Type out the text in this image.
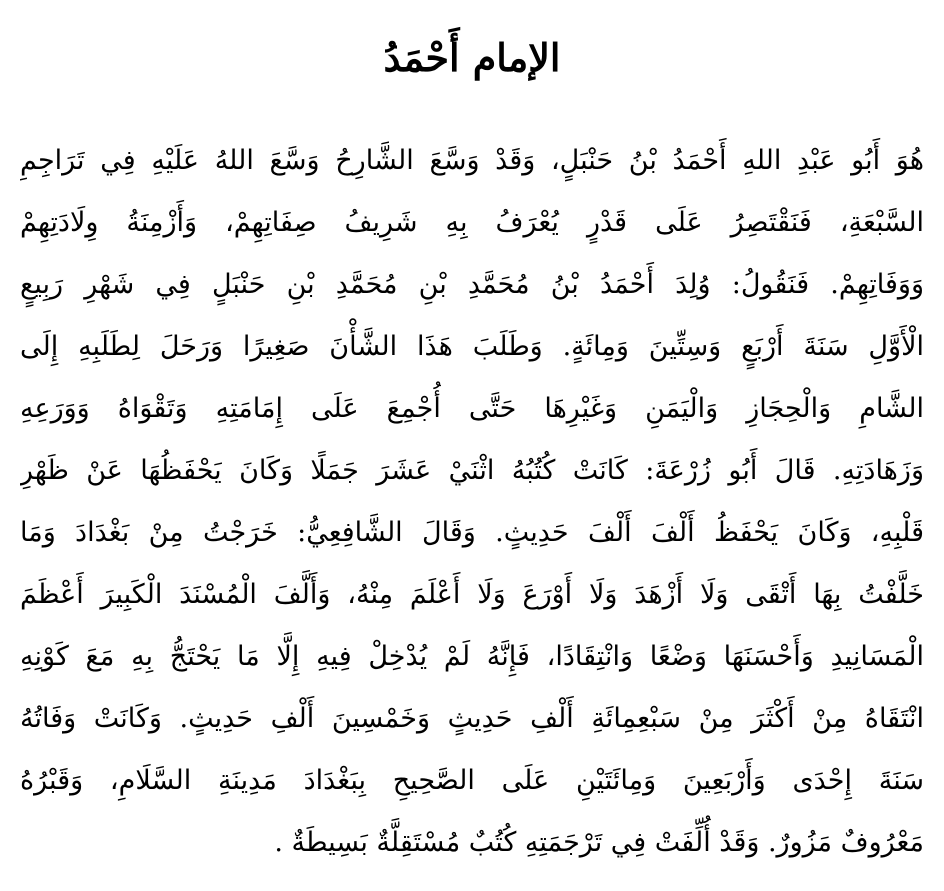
الإمام أَحْمَدُ
هُوَ أَبُو عَبْدِ اللهِ أَحْمَدُ بْنُ حَنْبَلٍ، وَقَدْ وَسَّعَ الشَّارِحُ وَسَّعَ اللهُ عَلَيْهِ فِي تَرَاجِمِ
السَّبْعَةِ، فَنَقْتَصِرُ عَلَى قَدْرٍ يُعْرَفُ بِهِ شَرِيفُ صِفَاتِهِمْ، وَأَزْمِنَةُ وِلَادَتِهِمْ
وَوَفَاتِهِمْ. فَنَقُولُ: وُلِدَ أَحْمَدُ بْنُ مُحَمَّدِ بْنِ مُحَمَّدِ بْنِ حَنْبَلٍ فِي شَهْرِ رَبِيعٍ
الْأَوَّلِ سَنَةَ أَرْبَعٍ وَسِتِّينَ وَمِائَةٍ. وَطَلَبَ هَذَا الشَّأْنَ صَغِيرًا وَرَحَلَ لِطَلَبِهِ إِلَى
الشَّامِ وَالْحِجَازِ وَالْيَمَنِ وَغَيْرِهَا حَتَّى أُجْمِعَ عَلَى إِمَامَتِهِ وَتَقْوَاهُ وَوَرَعِهِ
وَزَهَادَتِهِ. قَالَ أَبُو زُرْعَةَ: كَانَتْ كُتُبُهُ اثْنَيْ عَشَرَ جَمَلًا وَكَانَ يَحْفَظُهَا عَنْ ظَهْرِ
قَلْبِهِ، وَكَانَ يَحْفَظُ أَلْفَ أَلْفَ حَدِيثٍ. وَقَالَ الشَّافِعِيُّ: خَرَجْتُ مِنْ بَغْدَادَ وَمَا
خَلَّفْتُ بِهَا أَتْقَى وَلَا أَزْهَدَ وَلَا أَوْرَعَ وَلَا أَعْلَمَ مِنْهُ، وَأَلَّفَ الْمُسْنَدَ الْكَبِيرَ أَعْظَمَ
الْمَسَانِيدِ وَأَحْسَنَهَا وَضْعًا وَانْتِقَادًا، فَإِنَّهُ لَمْ يُدْخِلْ فِيهِ إِلَّا مَا يَحْتَجُّ بِهِ مَعَ كَوْنِهِ
انْتَقَاهُ مِنْ أَكْثَرَ مِنْ سَبْعِمِائَةِ أَلْفِ حَدِيثٍ وَخَمْسِينَ أَلْفِ حَدِيثٍ. وَكَانَتْ وَفَاتُهُ
سَنَةَ إِحْدَى وَأَرْبَعِينَ وَمِائَتَيْنِ عَلَى الصَّحِيحِ بِبَغْدَادَ مَدِينَةِ السَّلَامِ، وَقَبْرُهُ
مَعْرُوفٌ مَزُورٌ. وَقَدْ أُلِّفَتْ فِي تَرْجَمَتِهِ كُتُبٌ مُسْتَقِلَّةٌ بَسِيطَةٌ .
